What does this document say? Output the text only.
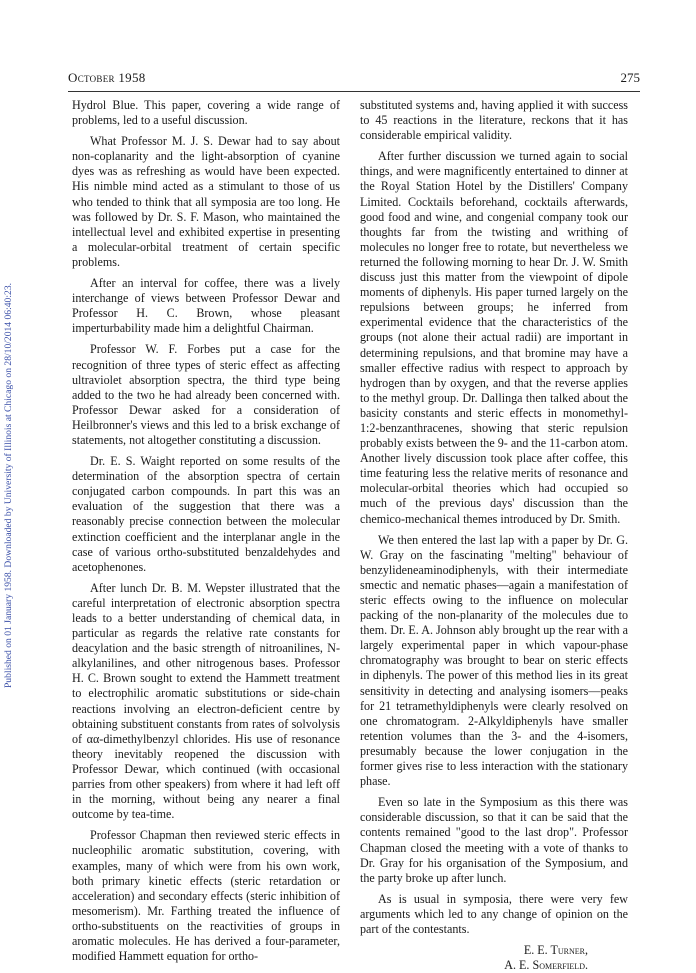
Published on 01 January 1958. Downloaded by University of Illinois at Chicago on 28/10/2014 06:40:23.
October 1958	275

Hydrol Blue. This paper, covering a wide range of problems, led to a useful discussion.

What Professor M. J. S. Dewar had to say about non-coplanarity and the light-absorption of cyanine dyes was as refreshing as would have been expected. His nimble mind acted as a stimulant to those of us who tended to think that all symposia are too long. He was followed by Dr. S. F. Mason, who maintained the intellectual level and exhibited expertise in presenting a molecular-orbital treatment of certain specific problems.

After an interval for coffee, there was a lively interchange of views between Professor Dewar and Professor H. C. Brown, whose pleasant imperturbability made him a delightful Chairman.

Professor W. F. Forbes put a case for the recognition of three types of steric effect as affecting ultraviolet absorption spectra, the third type being added to the two he had already been concerned with. Professor Dewar asked for a consideration of Heilbronner's views and this led to a brisk exchange of statements, not altogether constituting a discussion.

Dr. E. S. Waight reported on some results of the determination of the absorption spectra of certain conjugated carbon compounds. In part this was an evaluation of the suggestion that there was a reasonably precise connection between the molecular extinction coefficient and the interplanar angle in the case of various ortho-substituted benzaldehydes and acetophenones.

After lunch Dr. B. M. Wepster illustrated that the careful interpretation of electronic absorption spectra leads to a better understanding of chemical data, in particular as regards the relative rate constants for deacylation and the basic strength of nitroanilines, N-alkylanilines, and other nitrogenous bases. Professor H. C. Brown sought to extend the Hammett treatment to electrophilic aromatic substitutions or side-chain reactions involving an electron-deficient centre by obtaining substituent constants from rates of solvolysis of αα-dimethylbenzyl chlorides. His use of resonance theory inevitably reopened the discussion with Professor Dewar, which continued (with occasional parries from other speakers) from where it had left off in the morning, without being any nearer a final outcome by tea-time.

Professor Chapman then reviewed steric effects in nucleophilic aromatic substitution, covering, with examples, many of which were from his own work, both primary kinetic effects (steric retardation or acceleration) and secondary effects (steric inhibition of mesomerism). Mr. Farthing treated the influence of ortho-substituents on the reactivities of groups in aromatic molecules. He has derived a four-parameter, modified Hammett equation for ortho-

substituted systems and, having applied it with success to 45 reactions in the literature, reckons that it has considerable empirical validity.

After further discussion we turned again to social things, and were magnificently entertained to dinner at the Royal Station Hotel by the Distillers' Company Limited. Cocktails beforehand, cocktails afterwards, good food and wine, and congenial company took our thoughts far from the twisting and writhing of molecules no longer free to rotate, but nevertheless we returned the following morning to hear Dr. J. W. Smith discuss just this matter from the viewpoint of dipole moments of diphenyls. His paper turned largely on the repulsions between groups; he inferred from experimental evidence that the characteristics of the groups (not alone their actual radii) are important in determining repulsions, and that bromine may have a smaller effective radius with respect to approach by hydrogen than by oxygen, and that the reverse applies to the methyl group. Dr. Dallinga then talked about the basicity constants and steric effects in monomethyl-1:2-benzanthracenes, showing that steric repulsion probably exists between the 9- and the 11-carbon atom. Another lively discussion took place after coffee, this time featuring less the relative merits of resonance and molecular-orbital theories which had occupied so much of the previous days' discussion than the chemico-mechanical themes introduced by Dr. Smith.

We then entered the last lap with a paper by Dr. G. W. Gray on the fascinating "melting" behaviour of benzylideneaminodiphenyls, with their intermediate smectic and nematic phases—again a manifestation of steric effects owing to the influence on molecular packing of the non-planarity of the molecules due to them. Dr. E. A. Johnson ably brought up the rear with a largely experimental paper in which vapour-phase chromatography was brought to bear on steric effects in diphenyls. The power of this method lies in its great sensitivity in detecting and analysing isomers—peaks for 21 tetramethyldiphenyls were clearly resolved on one chromatogram. 2-Alkyldiphenyls have smaller retention volumes than the 3- and the 4-isomers, presumably because the lower conjugation in the former gives rise to less interaction with the stationary phase.

Even so late in the Symposium as this there was considerable discussion, so that it can be said that the contents remained "good to the last drop". Professor Chapman closed the meeting with a vote of thanks to Dr. Gray for his organisation of the Symposium, and the party broke up after lunch.

As is usual in symposia, there were very few arguments which led to any change of opinion on the part of the contestants.

E. E. Turner,
A. E. Somerfield.
